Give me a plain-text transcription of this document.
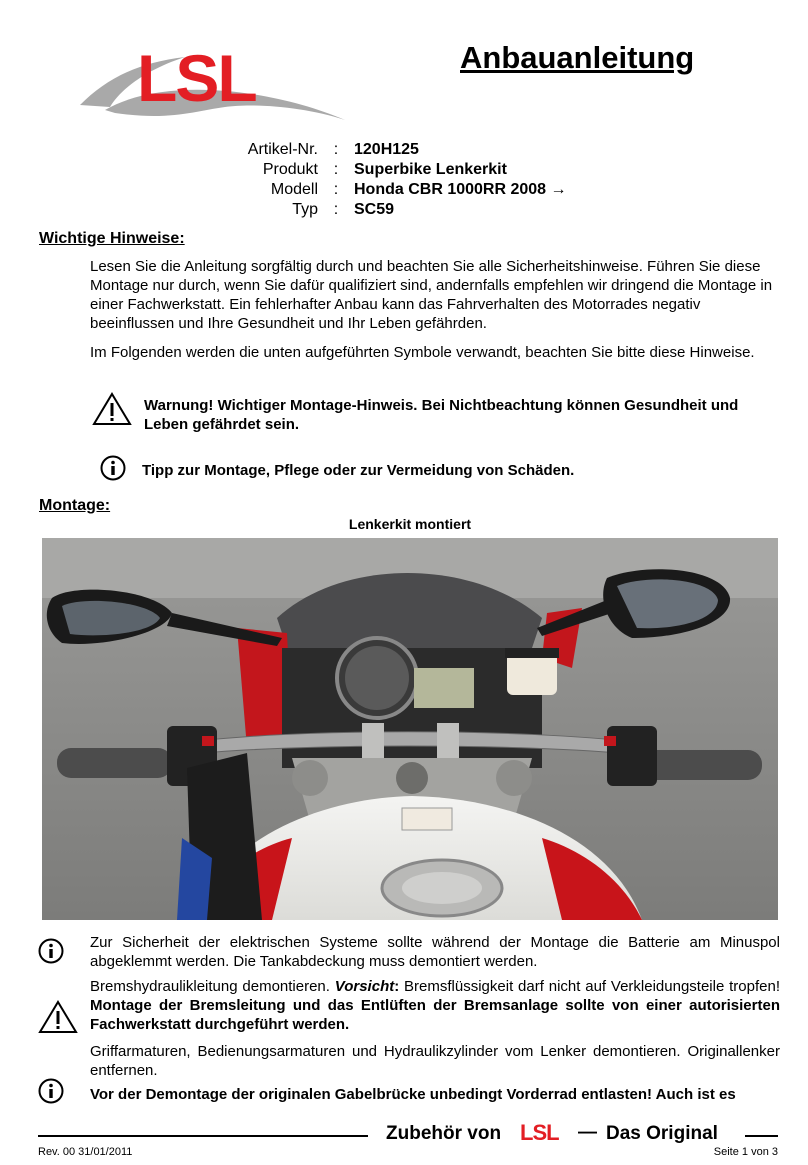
LSL	Anbauanleitung
Artikel-Nr.	:	120H125
Produkt	:	Superbike Lenkerkit
Modell	:	Honda CBR 1000RR 2008 →
Typ	:	SC59
Wichtige Hinweise:
Lesen Sie die Anleitung sorgfältig durch und beachten Sie alle Sicherheitshinweise. Führen Sie diese Montage nur durch, wenn Sie dafür qualifiziert sind, andernfalls empfehlen wir dringend die Montage in einer Fachwerkstatt. Ein fehlerhafter Anbau kann das Fahrverhalten des Motorrades negativ beeinflussen und Ihre Gesundheit und Ihr Leben gefährden.
Im Folgenden werden die unten aufgeführten Symbole verwandt, beachten Sie bitte diese Hinweise.
Warnung! Wichtiger Montage-Hinweis. Bei Nichtbeachtung können Gesundheit und Leben gefährdet sein.
Tipp zur Montage, Pflege oder zur Vermeidung von Schäden.
Montage:
Lenkerkit montiert
Zur Sicherheit der elektrischen Systeme sollte während der Montage die Batterie am Minuspol abgeklemmt werden. Die Tankabdeckung muss demontiert werden.
Bremshydraulikleitung demontieren. Vorsicht: Bremsflüssigkeit darf nicht auf Verkleidungsteile tropfen! Montage der Bremsleitung und das Entlüften der Bremsanlage sollte von einer autorisierten Fachwerkstatt durchgeführt werden.
Griffarmaturen, Bedienungsarmaturen und Hydraulikzylinder vom Lenker demontieren. Originallenker entfernen.
Vor der Demontage der originalen Gabelbrücke unbedingt Vorderrad entlasten! Auch ist es
Zubehör von LSL — Das Original
Rev. 00 31/01/2011	Seite 1 von 3
